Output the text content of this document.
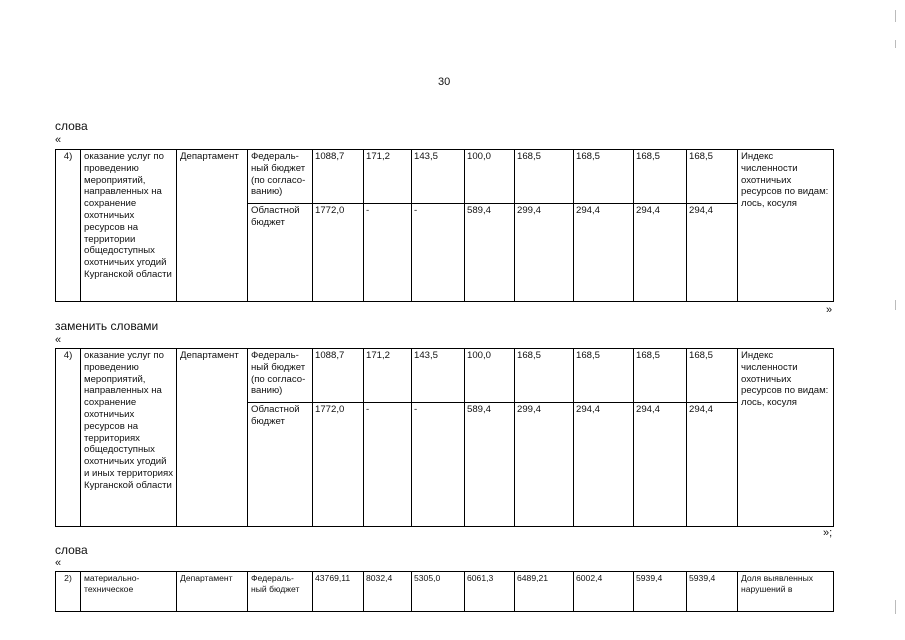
30
слова
«
4)	оказание услуг по проведению мероприятий, направленных на сохранение охотничьих ресурсов на территории общедоступных охотничьих угодий Курганской области	Департамент	Федераль-ный бюджет (по согласо-ванию)	1088,7	171,2	143,5	100,0	168,5	168,5	168,5	168,5	Индекс численности охотничьих ресурсов по видам: лось, косуля
			Областной бюджет	1772,0	-	-	589,4	299,4	294,4	294,4	294,4	
»
заменить словами
«
4)	оказание услуг по проведению мероприятий, направленных на сохранение охотничьих ресурсов на территориях общедоступных охотничьих угодий и иных территориях Курганской области	Департамент	Федераль-ный бюджет (по согласо-ванию)	1088,7	171,2	143,5	100,0	168,5	168,5	168,5	168,5	Индекс численности охотничьих ресурсов по видам: лось, косуля
			Областной бюджет	1772,0	-	-	589,4	299,4	294,4	294,4	294,4	
»;
слова
«
2)	материально-техническое	Департамент	Федераль-ный бюджет	43769,11	8032,4	5305,0	6061,3	6489,21	6002,4	5939,4	5939,4	Доля выявленных нарушений в
